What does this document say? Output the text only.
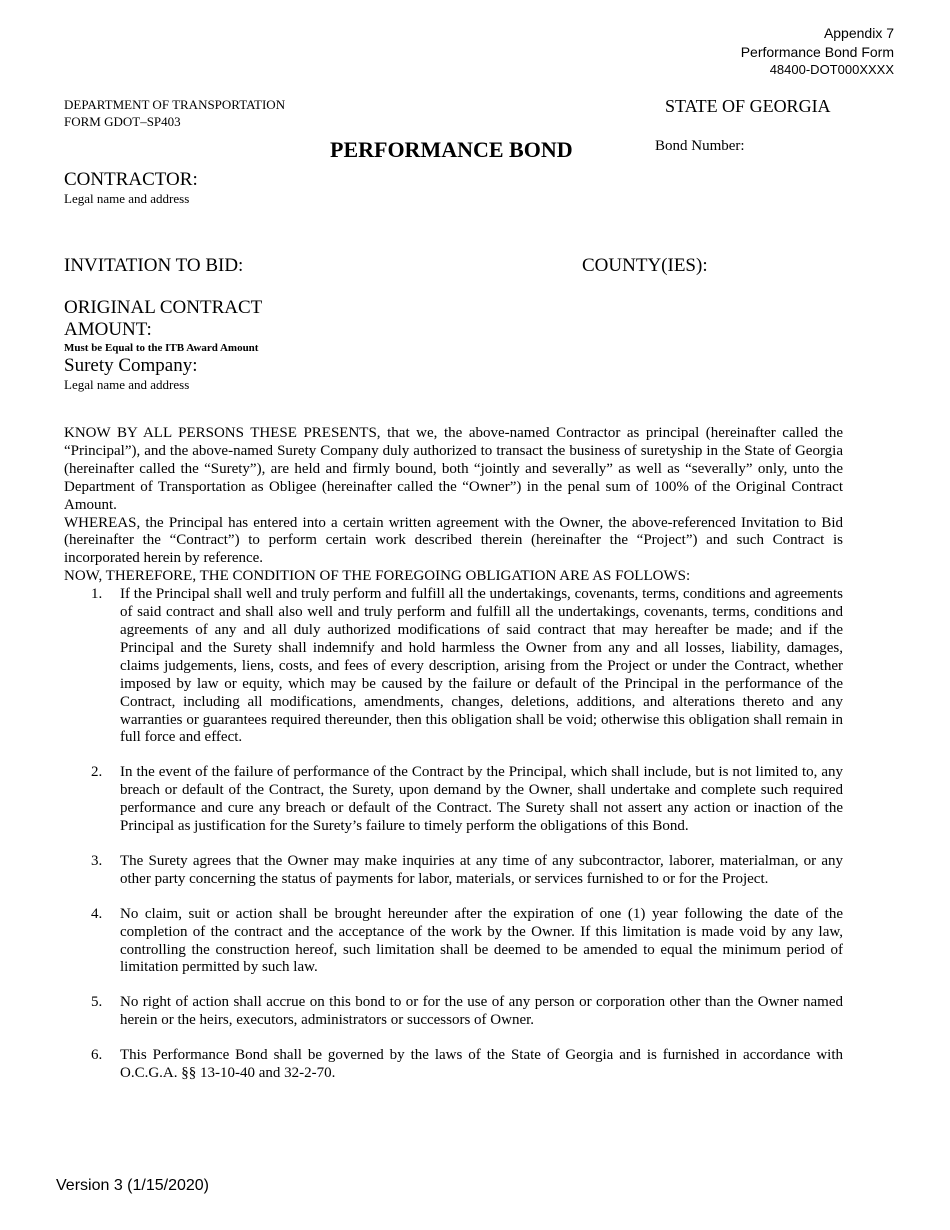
Appendix 7
Performance Bond Form
48400-DOT000XXXX
DEPARTMENT OF TRANSPORTATION
FORM GDOT–SP403
STATE OF GEORGIA
PERFORMANCE BOND	Bond Number:
CONTRACTOR:
Legal name and address
INVITATION TO BID:	COUNTY(IES):
ORIGINAL CONTRACT
AMOUNT:
Must be Equal to the ITB Award Amount
Surety Company:
Legal name and address

KNOW BY ALL PERSONS THESE PRESENTS, that we, the above-named Contractor as principal (hereinafter called the “Principal”), and the above-named Surety Company duly authorized to transact the business of suretyship in the State of Georgia (hereinafter called the “Surety”), are held and firmly bound, both “jointly and severally” as well as “severally” only, unto the Department of Transportation as Obligee (hereinafter called the “Owner”) in the penal sum of 100% of the Original Contract Amount.

WHEREAS, the Principal has entered into a certain written agreement with the Owner, the above-referenced Invitation to Bid (hereinafter the “Contract”) to perform certain work described therein (hereinafter the “Project”) and such Contract is incorporated herein by reference.

NOW, THEREFORE, THE CONDITION OF THE FOREGOING OBLIGATION ARE AS FOLLOWS:

1. If the Principal shall well and truly perform and fulfill all the undertakings, covenants, terms, conditions and agreements of said contract and shall also well and truly perform and fulfill all the undertakings, covenants, terms, conditions and agreements of any and all duly authorized modifications of said contract that may hereafter be made; and if the Principal and the Surety shall indemnify and hold harmless the Owner from any and all losses, liability, damages, claims judgements, liens, costs, and fees of every description, arising from the Project or under the Contract, whether imposed by law or equity, which may be caused by the failure or default of the Principal in the performance of the Contract, including all modifications, amendments, changes, deletions, additions, and alterations thereto and any warranties or guarantees required thereunder, then this obligation shall be void; otherwise this obligation shall remain in full force and effect.
2. In the event of the failure of performance of the Contract by the Principal, which shall include, but is not limited to, any breach or default of the Contract, the Surety, upon demand by the Owner, shall undertake and complete such required performance and cure any breach or default of the Contract. The Surety shall not assert any action or inaction of the Principal as justification for the Surety’s failure to timely perform the obligations of this Bond.
3. The Surety agrees that the Owner may make inquiries at any time of any subcontractor, laborer, materialman, or any other party concerning the status of payments for labor, materials, or services furnished to or for the Project.
4. No claim, suit or action shall be brought hereunder after the expiration of one (1) year following the date of the completion of the contract and the acceptance of the work by the Owner. If this limitation is made void by any law, controlling the construction hereof, such limitation shall be deemed to be amended to equal the minimum period of limitation permitted by such law.
5. No right of action shall accrue on this bond to or for the use of any person or corporation other than the Owner named herein or the heirs, executors, administrators or successors of Owner.
6. This Performance Bond shall be governed by the laws of the State of Georgia and is furnished in accordance with O.C.G.A. §§ 13-10-40 and 32-2-70.
Version 3 (1/15/2020)
